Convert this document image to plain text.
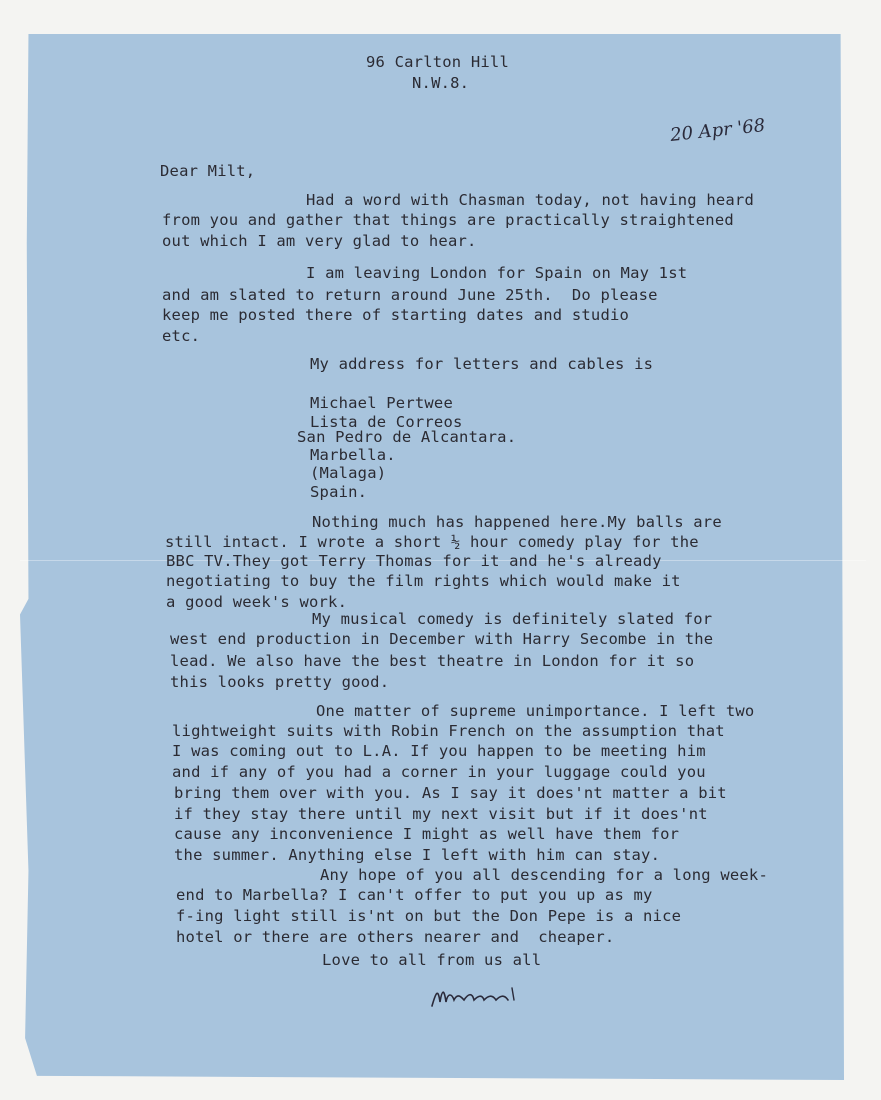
96 Carlton Hill
N.W.8.
20 Apr '68
Dear Milt,
Had a word with Chasman today, not having heard
from you and gather that things are practically straightened
out which I am very glad to hear.
I am leaving London for Spain on May 1st
and am slated to return around June 25th.  Do please
keep me posted there of starting dates and studio
etc.
My address for letters and cables is
Michael Pertwee
Lista de Correos
San Pedro de Alcantara.
Marbella.
(Malaga)
Spain.
Nothing much has happened here.My balls are
still intact. I wrote a short ½ hour comedy play for the
BBC TV.They got Terry Thomas for it and he's already
negotiating to buy the film rights which would make it
a good week's work.
My musical comedy is definitely slated for
west end production in December with Harry Secombe in the
lead. We also have the best theatre in London for it so
this looks pretty good.
One matter of supreme unimportance. I left two
lightweight suits with Robin French on the assumption that
I was coming out to L.A. If you happen to be meeting him
and if any of you had a corner in your luggage could you
bring them over with you. As I say it does'nt matter a bit
if they stay there until my next visit but if it does'nt
cause any inconvenience I might as well have them for
the summer. Anything else I left with him can stay.
Any hope of you all descending for a long week-
end to Marbella? I can't offer to put you up as my
f-ing light still is'nt on but the Don Pepe is a nice
hotel or there are others nearer and  cheaper.
Love to all from us all
